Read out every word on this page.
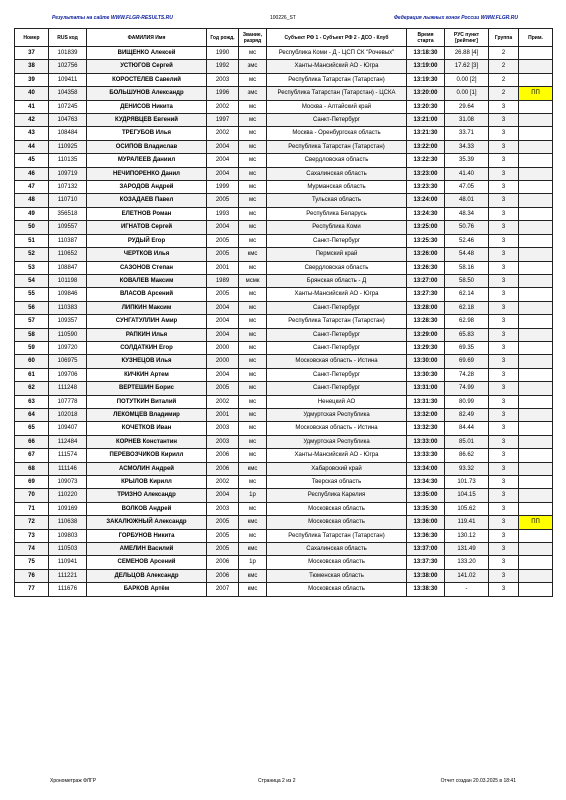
Результаты на сайте WWW.FLGR-RESULTS.RU	100226_ST	Федерация лыжных гонок России WWW.FLGR.RU
Номер	RUS код	ФАМИЛИЯ Имя	Год рожд.	Звание, разряд	Субъект РФ 1 - Субъект РФ 2 - ДСО - Клуб	Время старта	РУС пункт [рейтинг]	Группа	Прим.
37	101839	ВИЩЕНКО Алексей	1990	мс	Республика Коми - Д - ЦСП СК "Рочевых"	13:18:30	26.88 [4]	2	
38	102756	УСТЮГОВ Сергей	1992	змс	Ханты-Мансийский АО - Югра	13:19:00	17.62 [3]	2	
39	109411	КОРОСТЕЛЕВ Савелий	2003	мс	Республика Татарстан (Татарстан)	13:19:30	0.00 [2]	2	
40	104358	БОЛЬШУНОВ Александр	1996	змс	Республика Татарстан (Татарстан) - ЦСКА	13:20:00	0.00 [1]	2	ПП
41	107245	ДЕНИСОВ Никита	2002	мс	Москва - Алтайский край	13:20:30	29.64	3	
42	104763	КУДРЯВЦЕВ Евгений	1997	мс	Санкт-Петербург	13:21:00	31.08	3	
43	108484	ТРЕГУБОВ Илья	2002	мс	Москва - Оренбургская область	13:21:30	33.71	3	
44	110925	ОСИПОВ Владислав	2004	мс	Республика Татарстан (Татарстан)	13:22:00	34.33	3	
45	110135	МУРАЛЕЕВ Даниил	2004	мс	Свердловская область	13:22:30	35.39	3	
46	109719	НЕЧИПОРЕНКО Данил	2004	мс	Сахалинская область	13:23:00	41.40	3	
47	107132	ЗАРОДОВ Андрей	1999	мс	Мурманская область	13:23:30	47.05	3	
48	110710	КОЗАДАЕВ Павел	2005	мс	Тульская область	13:24:00	48.01	3	
49	356518	ЕЛЕТНОВ Роман	1993	мс	Республика Беларусь	13:24:30	48.34	3	
50	109557	ИГНАТОВ Сергей	2004	мс	Республика Коми	13:25:00	50.76	3	
51	110387	РУДЫЙ Егор	2005	мс	Санкт-Петербург	13:25:30	52.46	3	
52	110652	ЧЕРТКОВ Илья	2005	кмс	Пермский край	13:26:00	54.48	3	
53	108847	САЗОНОВ Степан	2001	мс	Свердловская область	13:26:30	58.16	3	
54	101198	КОВАЛЕВ Максим	1989	мсмк	Брянская область - Д	13:27:00	58.50	3	
55	109846	ВЛАСОВ Арсений	2005	мс	Ханты-Мансийский АО - Югра	13:27:30	62.14	3	
56	110383	ЛИПКИН Максим	2004	мс	Санкт-Петербург	13:28:00	62.18	3	
57	109357	СУНГАТУЛЛИН Амир	2004	мс	Республика Татарстан (Татарстан)	13:28:30	62.98	3	
58	110590	РАПКИН Илья	2004	мс	Санкт-Петербург	13:29:00	65.83	3	
59	109720	СОЛДАТКИН Егор	2000	мс	Санкт-Петербург	13:29:30	69.35	3	
60	106975	КУЗНЕЦОВ Илья	2000	мс	Московская область - Истина	13:30:00	69.69	3	
61	109706	КИЧКИН Артем	2004	мс	Санкт-Петербург	13:30:30	74.28	3	
62	111248	ВЕРТЕШИН Борис	2005	мс	Санкт-Петербург	13:31:00	74.99	3	
63	107778	ПОТУТКИН Виталий	2002	мс	Ненецкий АО	13:31:30	80.99	3	
64	102018	ЛЕКОМЦЕВ Владимир	2001	мс	Удмуртская Республика	13:32:00	82.49	3	
65	109407	КОЧЕТКОВ Иван	2003	мс	Московская область - Истина	13:32:30	84.44	3	
66	112484	КОРНЕВ Константин	2003	мс	Удмуртская Республика	13:33:00	85.01	3	
67	111574	ПЕРЕВОЗЧИКОВ Кирилл	2006	мс	Ханты-Мансийский АО - Югра	13:33:30	86.62	3	
68	111146	АСМОЛИН Андрей	2006	кмс	Хабаровский край	13:34:00	93.32	3	
69	109073	КРЫЛОВ Кирилл	2002	мс	Тверская область	13:34:30	101.73	3	
70	110220	ТРИЗНО Александр	2004	1р	Республика Карелия	13:35:00	104.15	3	
71	109169	ВОЛКОВ Андрей	2003	мс	Московская область	13:35:30	105.62	3	
72	110638	ЗАКАЛЮЖНЫЙ Александр	2005	кмс	Московская область	13:36:00	119.41	3	ПП
73	109803	ГОРБУНОВ Никита	2005	мс	Республика Татарстан (Татарстан)	13:36:30	130.12	3	
74	110503	АМЕЛИН Василий	2005	кмс	Сахалинская область	13:37:00	131.49	3	
75	110941	СЕМЕНОВ Арсений	2006	1р	Московская область	13:37:30	133.20	3	
76	111221	ДЕЛЬЦОВ Александр	2006	кмс	Тюменская область	13:38:00	141.02	3	
77	111676	БАРКОВ Артём	2007	кмс	Московская область	13:38:30	-	3	
Хронометраж ФЛГР	Страница 2 из 2	Отчет создан 20.03.2025 в 18:41
